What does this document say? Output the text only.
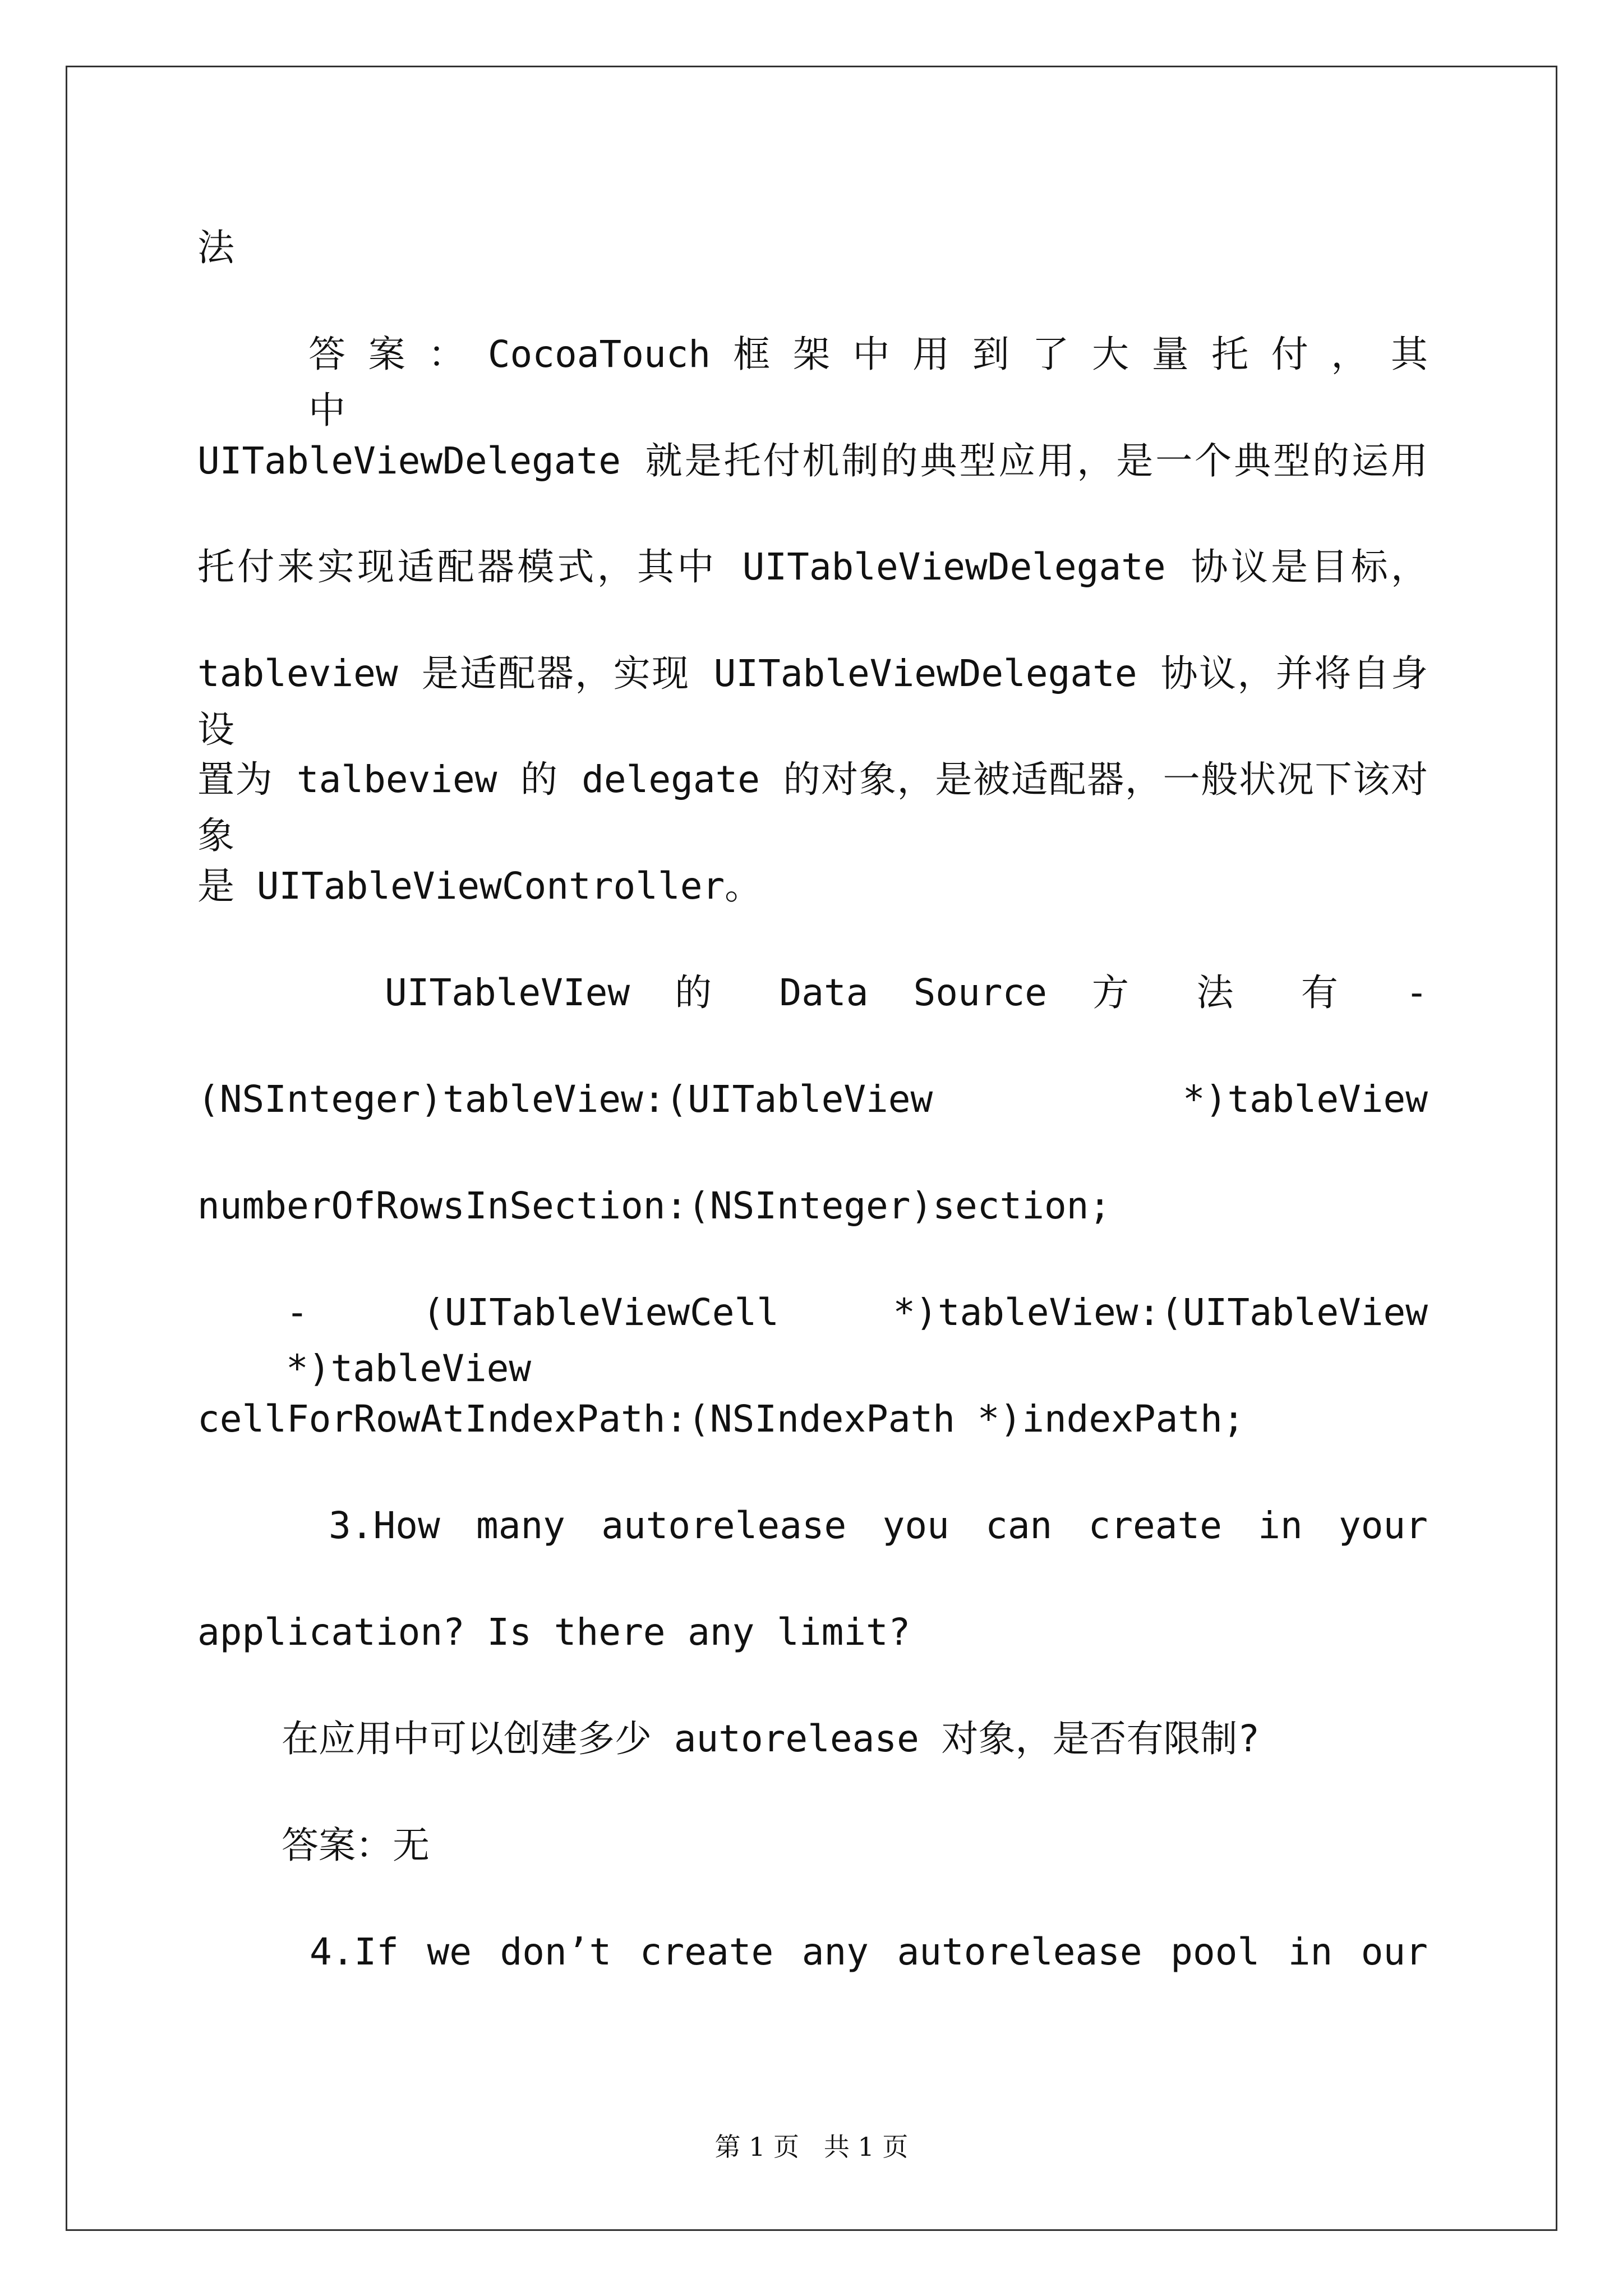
法
答 案 ： CocoaTouch 框 架 中 用 到 了 大 量 托 付 ， 其 中
UITableViewDelegate 就是托付机制的典型应用，是一个典型的运用
托付来实现适配器模式，其中 UITableViewDelegate 协议是目标，
tableview 是适配器，实现 UITableViewDelegate 协议，并将自身设
置为 talbeview 的 delegate 的对象，是被适配器，一般状况下该对象
是 UITableViewController。
UITableVIew 的 Data Source 方 法 有 -
(NSInteger)tableView:(UITableView *)tableView
numberOfRowsInSection:(NSInteger)section;
- (UITableViewCell *)tableView:(UITableView *)tableView
cellForRowAtIndexPath:(NSIndexPath *)indexPath;
3.How many autorelease you can create in your
application? Is there any limit?
在应用中可以创建多少 autorelease 对象，是否有限制?
答案：无
4.If we don’t create any autorelease pool in our
第 1 页   共 1 页
